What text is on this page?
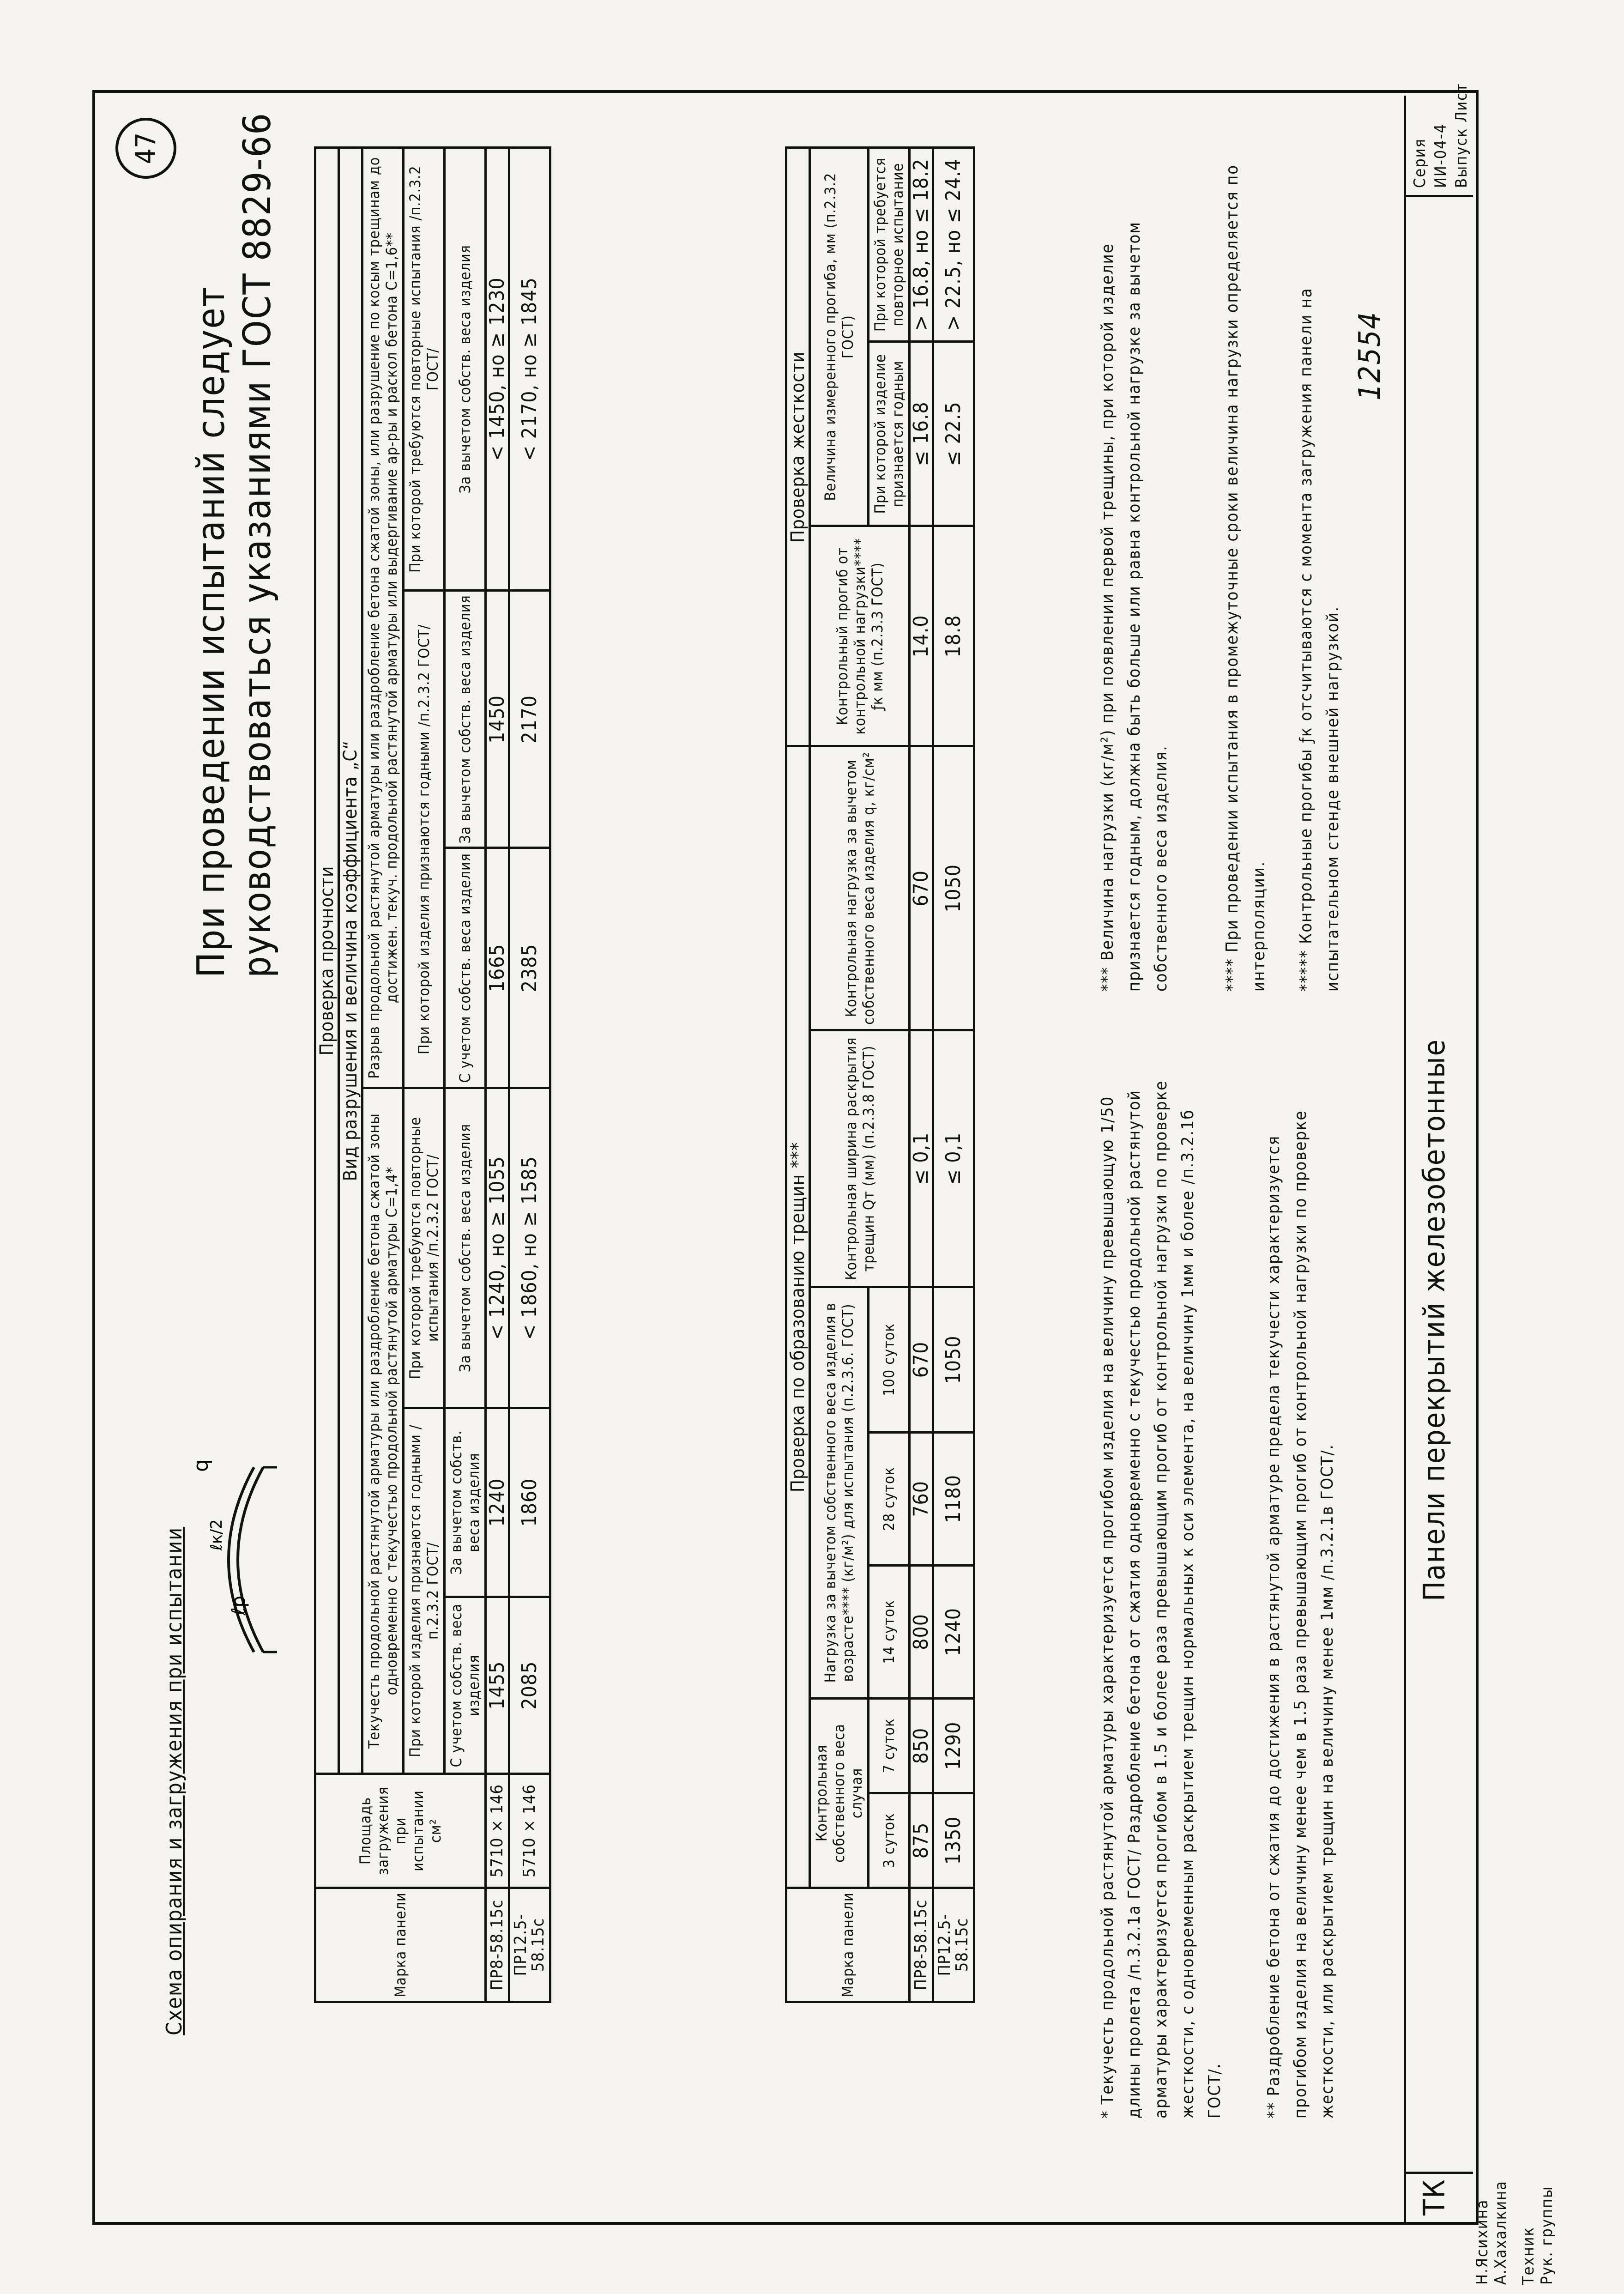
47
При проведении испытаний следует руководствоваться указаниями ГОСТ 8829-66
Схема опирания и загружения при испытании ℓр
ℓк/2
q
Марка панели	Площадь загружения при испытании см²	Проверка прочности					
		Вид разрушения и величина коэффициента „С“					
		Текучесть продольной растянутой арматуры или раздробление бетона сжатой зоны одновременно с текучестью продольной растянутой арматуры С=1,4*			Разрыв продольной растянутой арматуры или раздробление бетона сжатой зоны, или разрушение по косым трещинам до достижен. текуч. продольной растянутой арматуры или выдергивание ар-ры и раскол бетона С=1,6**		
		При которой изделия признаются годными /п.2.3.2 ГОСТ/		При которой требуются повторные испытания /п.2.3.2 ГОСТ/	При которой изделия признаются годными /п.2.3.2 ГОСТ/		При которой требуются повторные испытания /п.2.3.2 ГОСТ/
		С учетом собств. веса изделия	За вычетом собств. веса изделия	За вычетом собств. веса изделия	С учетом собств. веса изделия	За вычетом собств. веса изделия	За вычетом собств. веса изделия
ПР8-58.15с	5710 × 146	1455	1240	< 1240, но ≥ 1055	1665	1450	< 1450, но ≥ 1230
ПР12.5-58.15с	5710 × 146	2085	1860	< 1860, но ≥ 1585	2385	2170	< 2170, но ≥ 1845
Марка панели	Проверка по образованию трещин ***							Проверка жесткости		
	Контрольная собственного веса случая		Нагрузка за вычетом собственного веса изделия в возрасте**** (кг/м²) для испытания (п.2.3.6. ГОСТ)			Контрольная ширина раскрытия трещин Qт (мм) (п.2.3.8 ГОСТ)	Контрольная нагрузка за вычетом собственного веса изделия q, кг/см²	Контрольный прогиб от контрольной нагрузки****
ƒк мм (п.2.3.3 ГОСТ)	Величина измеренного прогиба, мм (п.2.3.2 ГОСТ)
	3 суток	7 суток	14 суток	28 суток	100 суток				При которой изделие признается годным	При которой требуется повторное испытание
ПР8-58.15с	875	850	800	760	670	≤ 0,1	670	14.0	≤ 16.8	> 16.8, но ≤ 18.2
ПР12.5-58.15с	1350	1290	1240	1180	1050	≤ 0,1	1050	18.8	≤ 22.5	> 22.5, но ≤ 24.4
* Текучесть продольной растянутой арматуры характеризуется прогибом изделия на величину превышающую 1/50 длины пролета /п.3.2.1а ГОСТ/ Раздробление бетона от сжатия одновременно с текучестью продольной растянутой арматуры характеризуется прогибом в 1.5 и более раза превышающим прогиб от контрольной нагрузки по проверке жесткости, с одновременным раскрытием трещин нормальных к оси элемента, на величину 1мм и более /п.3.2.1б ГОСТ/. ** Раздробление бетона от сжатия до достижения в растянутой арматуре предела текучести характеризуется прогибом изделия на величину менее чем в 1.5 раза превышающим прогиб от контрольной нагрузки по проверке жесткости, или раскрытием трещин на величину менее 1мм /п.3.2.1в ГОСТ/.
*** Величина нагрузки (кг/м²) при появлении первой трещины, при которой изделие признается годным, должна быть больше или равна контрольной нагрузке за вычетом собственного веса изделия.	**** При проведении испытания в промежуточные сроки величина нагрузки определяется по интерполяции. ***** Контрольные прогибы ƒк отсчитываются с момента загружения панели на испытательном стенде внешней нагрузкой.
12554
ТК
Панели перекрытий железобетонные
Серия ИИ-04-4 Выпуск Лист
Н.Ясихина А.Хахалкина Техник Рук. группы
